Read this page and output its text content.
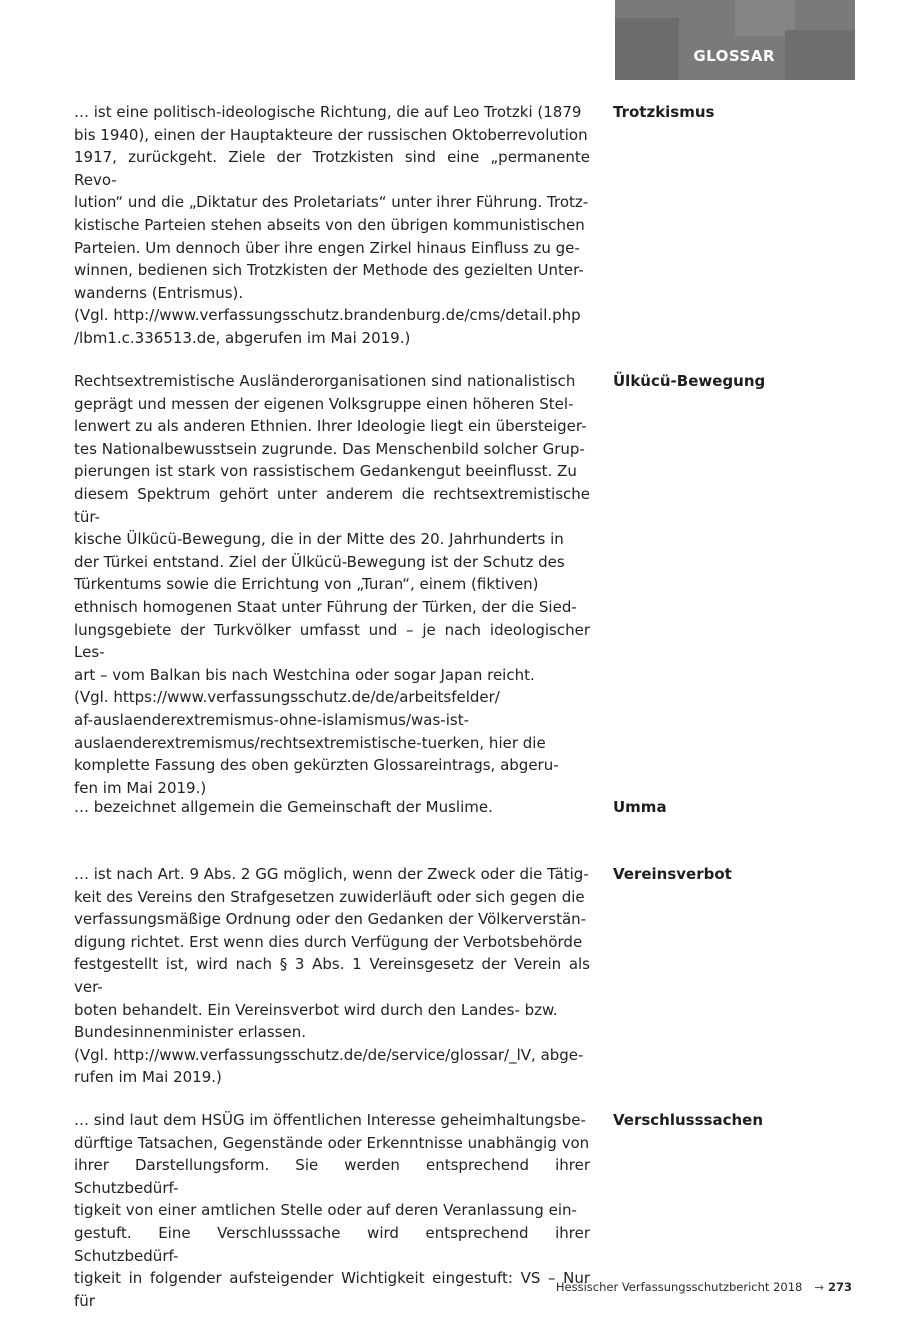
GLOSSAR

… ist eine politisch-ideologische Richtung, die auf Leo Trotzki (1879
bis 1940), einen der Hauptakteure der russischen Oktoberrevolution
1917, zurückgeht. Ziele der Trotzkisten sind eine „permanente Revo-
lution“ und die „Diktatur des Proletariats“ unter ihrer Führung. Trotz-
kistische Parteien stehen abseits von den übrigen kommunistischen
Parteien. Um dennoch über ihre engen Zirkel hinaus Einfluss zu ge-
winnen, bedienen sich Trotzkisten der Methode des gezielten Unter-
wanderns (Entrismus).
(Vgl. http://www.verfassungsschutz.brandenburg.de/cms/detail.php
/lbm1.c.336513.de, abgerufen im Mai 2019.)

Trotzkismus

Rechtsextremistische Ausländerorganisationen sind nationalistisch
geprägt und messen der eigenen Volksgruppe einen höheren Stel-
lenwert zu als anderen Ethnien. Ihrer Ideologie liegt ein übersteiger-
tes Nationalbewusstsein zugrunde. Das Menschenbild solcher Grup-
pierungen ist stark von rassistischem Gedankengut beeinflusst. Zu
diesem Spektrum gehört unter anderem die rechtsextremistische tür-
kische Ülkücü-Bewegung, die in der Mitte des 20. Jahrhunderts in
der Türkei entstand. Ziel der Ülkücü-Bewegung ist der Schutz des
Türkentums sowie die Errichtung von „Turan“, einem (fiktiven)
ethnisch homogenen Staat unter Führung der Türken, der die Sied-
lungsgebiete der Turkvölker umfasst und – je nach ideologischer Les-
art – vom Balkan bis nach Westchina oder sogar Japan reicht.
(Vgl. https://www.verfassungsschutz.de/de/arbeitsfelder/
af-auslaenderextremismus-ohne-islamismus/was-ist-
auslaenderextremismus/rechtsextremistische-tuerken, hier die
komplette Fassung des oben gekürzten Glossareintrags, abgeru-
fen im Mai 2019.)

Ülkücü-Bewegung

… bezeichnet allgemein die Gemeinschaft der Muslime.	Umma

… ist nach Art. 9 Abs. 2 GG möglich, wenn der Zweck oder die Tätig-
keit des Vereins den Strafgesetzen zuwiderläuft oder sich gegen die
verfassungsmäßige Ordnung oder den Gedanken der Völkerverstän-
digung richtet. Erst wenn dies durch Verfügung der Verbotsbehörde
festgestellt ist, wird nach § 3 Abs. 1 Vereinsgesetz der Verein als ver-
boten behandelt. Ein Vereinsverbot wird durch den Landes- bzw.
Bundesinnenminister erlassen.
(Vgl. http://www.verfassungsschutz.de/de/service/glossar/_lV, abge-
rufen im Mai 2019.)

Vereinsverbot

… sind laut dem HSÜG im öffentlichen Interesse geheimhaltungsbe-
dürftige Tatsachen, Gegenstände oder Erkenntnisse unabhängig von
ihrer Darstellungsform. Sie werden entsprechend ihrer Schutzbedürf-
tigkeit von einer amtlichen Stelle oder auf deren Veranlassung ein-
gestuft. Eine Verschlusssache wird entsprechend ihrer Schutzbedürf-
tigkeit in folgender aufsteigender Wichtigkeit eingestuft: VS – Nur für

Verschlusssachen
Hessischer Verfassungsschutzbericht 2018 → 273
